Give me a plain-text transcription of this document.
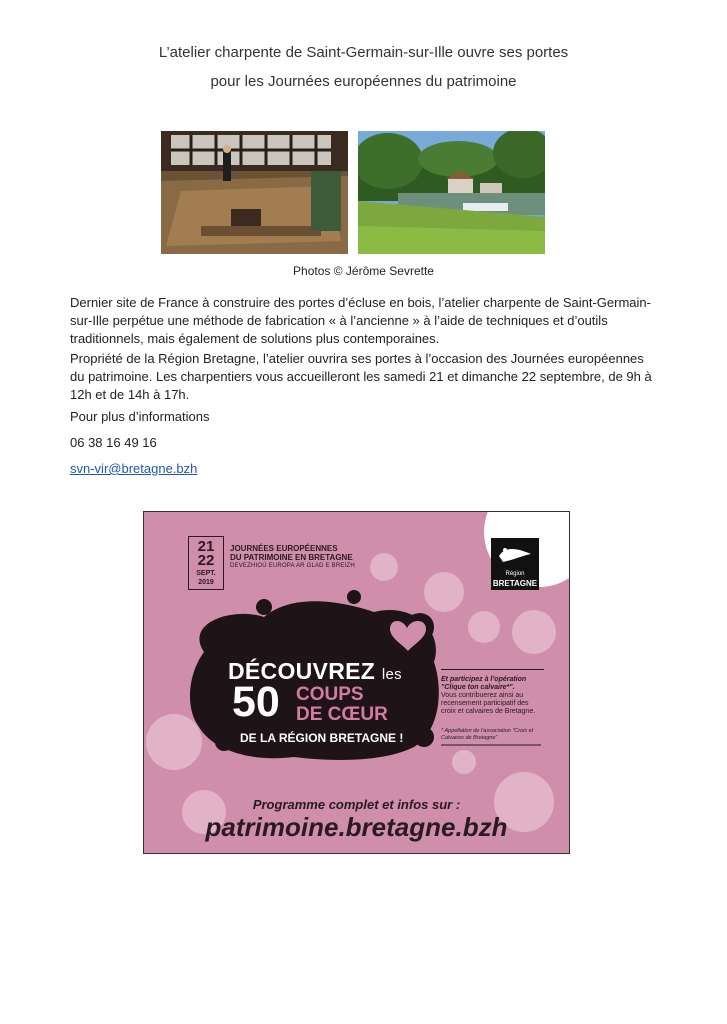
L’atelier charpente de Saint-Germain-sur-Ille ouvre ses portes
pour les Journées européennes du patrimoine
Photos © Jérôme Sevrette
Dernier site de France à construire des portes d’écluse en bois, l’atelier charpente de Saint-Germain-sur-Ille perpétue une méthode de fabrication « à l’ancienne » à l’aide de techniques et d’outils traditionnels, mais également de solutions plus contemporaines.
Propriété de la Région Bretagne, l’atelier ouvrira ses portes à l’occasion des Journées européennes du patrimoine. Les charpentiers vous accueilleront les samedi 21 et dimanche 22 septembre, de 9h à 12h et de 14h à 17h.
Pour plus d’informations
06 38 16 49 16
svn-vir@bretagne.bzh
21
22
SEPT.
2019
JOURNÉES EUROPÉENNES
DU PATRIMOINE EN BRETAGNE
DEVEZHIOÙ EUROPA AR GLAD E BREIZH
Région
BRETAGNE
DÉCOUVREZ les
50 COUPS
DE CŒUR
DE LA RÉGION BRETAGNE !
Et participez à l’opération
"Clique ton calvaire*".
Vous contribuerez ainsi au recensement participatif des croix et calvaires de Bretagne.
* Appellation de l’association "Croix et Calvaires de Bretagne"
Programme complet et infos sur :
patrimoine.bretagne.bzh
